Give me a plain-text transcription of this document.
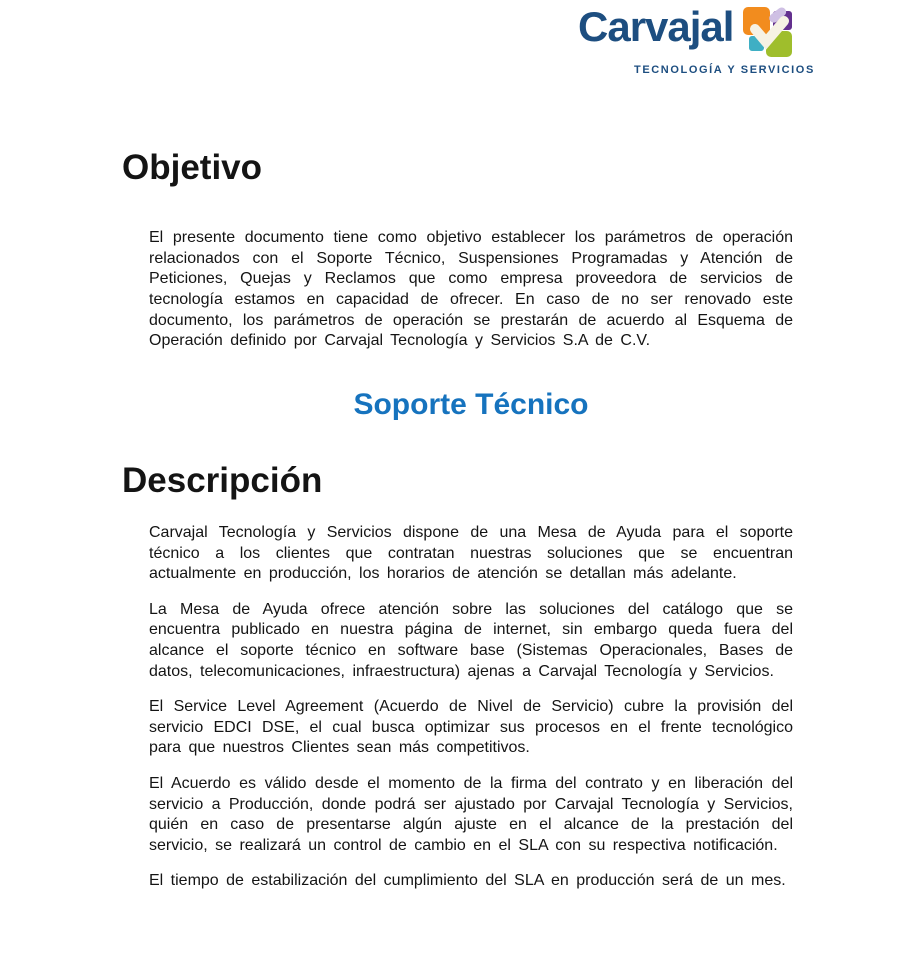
Carvajal
TECNOLOGÍA Y SERVICIOS
Objetivo

El presente documento tiene como objetivo establecer los parámetros de operación relacionados con el Soporte Técnico, Suspensiones Programadas y Atención de Peticiones, Quejas y Reclamos que como empresa proveedora de servicios de tecnología estamos en capacidad de ofrecer. En caso de no ser renovado este documento, los parámetros de operación se prestarán de acuerdo al Esquema de Operación definido por Carvajal Tecnología y Servicios S.A de C.V.

Soporte Técnico
Descripción

Carvajal Tecnología y Servicios dispone de una Mesa de Ayuda para el soporte técnico a los clientes que contratan nuestras soluciones que se encuentran actualmente en producción, los horarios de atención se detallan más adelante.

La Mesa de Ayuda ofrece atención sobre las soluciones del catálogo que se encuentra publicado en nuestra página de internet, sin embargo queda fuera del alcance el soporte técnico en software base (Sistemas Operacionales, Bases de datos, telecomunicaciones, infraestructura) ajenas a Carvajal Tecnología y Servicios.

El Service Level Agreement (Acuerdo de Nivel de Servicio) cubre la provisión del servicio EDCI DSE, el cual busca optimizar sus procesos en el frente tecnológico para que nuestros Clientes sean más competitivos.

El Acuerdo es válido desde el momento de la firma del contrato y en liberación del servicio a Producción, donde podrá ser ajustado por Carvajal Tecnología y Servicios, quién en caso de presentarse algún ajuste en el alcance de la prestación del servicio, se realizará un control de cambio en el SLA con su respectiva notificación.

El tiempo de estabilización del cumplimiento del SLA en producción será de un mes.
